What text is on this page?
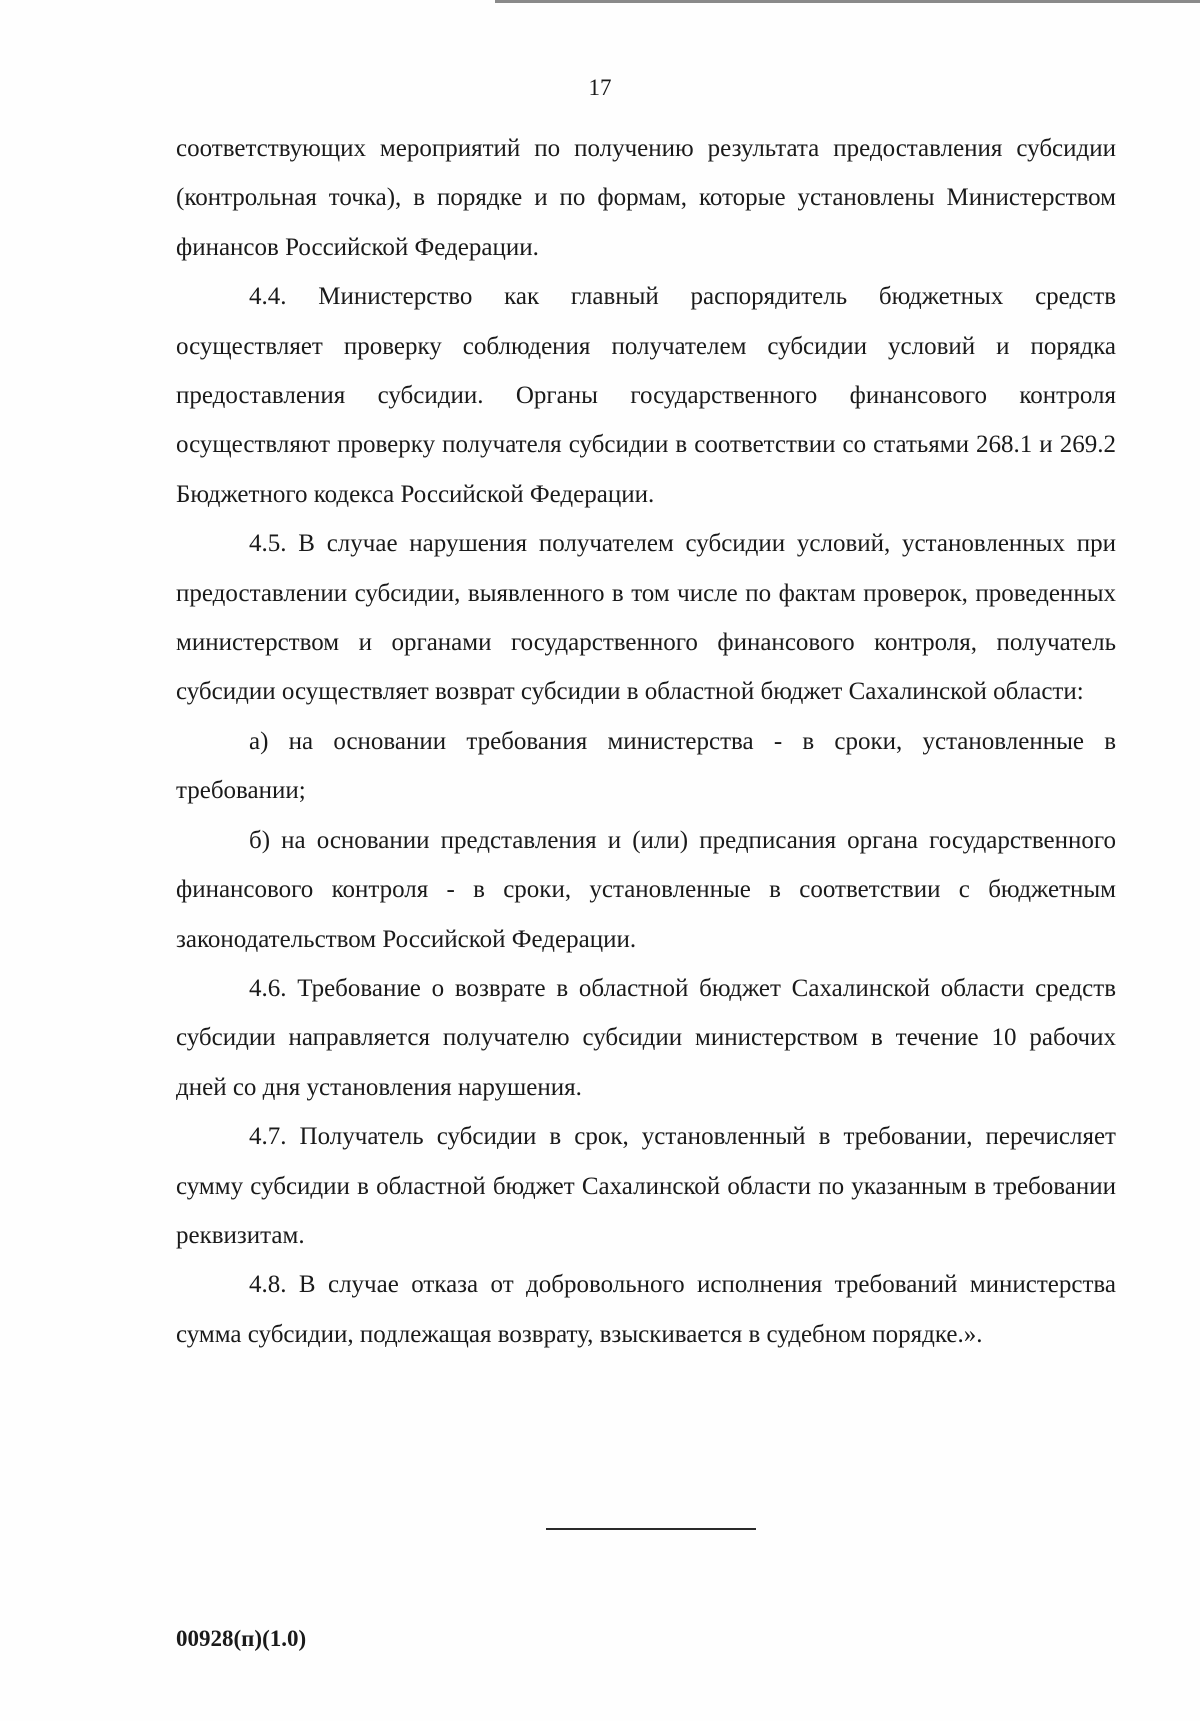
17

соответствующих мероприятий по получению результата предоставления субсидии (контрольная точка), в порядке и по формам, которые установлены Министерством финансов Российской Федерации.

4.4. Министерство как главный распорядитель бюджетных средств осуществляет проверку соблюдения получателем субсидии условий и порядка предоставления субсидии. Органы государственного финансового контроля осуществляют проверку получателя субсидии в соответствии со статьями 268.1 и 269.2 Бюджетного кодекса Российской Федерации.

4.5. В случае нарушения получателем субсидии условий, установленных при предоставлении субсидии, выявленного в том числе по фактам проверок, проведенных министерством и органами государственного финансового контроля, получатель субсидии осуществляет возврат субсидии в областной бюджет Сахалинской области:

а) на основании требования министерства - в сроки, установленные в требовании;

б) на основании представления и (или) предписания органа государственного финансового контроля - в сроки, установленные в соответствии с бюджетным законодательством Российской Федерации.

4.6. Требование о возврате в областной бюджет Сахалинской области средств субсидии направляется получателю субсидии министерством в течение 10 рабочих дней со дня установления нарушения.

4.7. Получатель субсидии в срок, установленный в требовании, перечисляет сумму субсидии в областной бюджет Сахалинской области по указанным в требовании реквизитам.

4.8. В случае отказа от добровольного исполнения требований министерства сумма субсидии, подлежащая возврату, взыскивается в судебном порядке.».

00928(п)(1.0)
